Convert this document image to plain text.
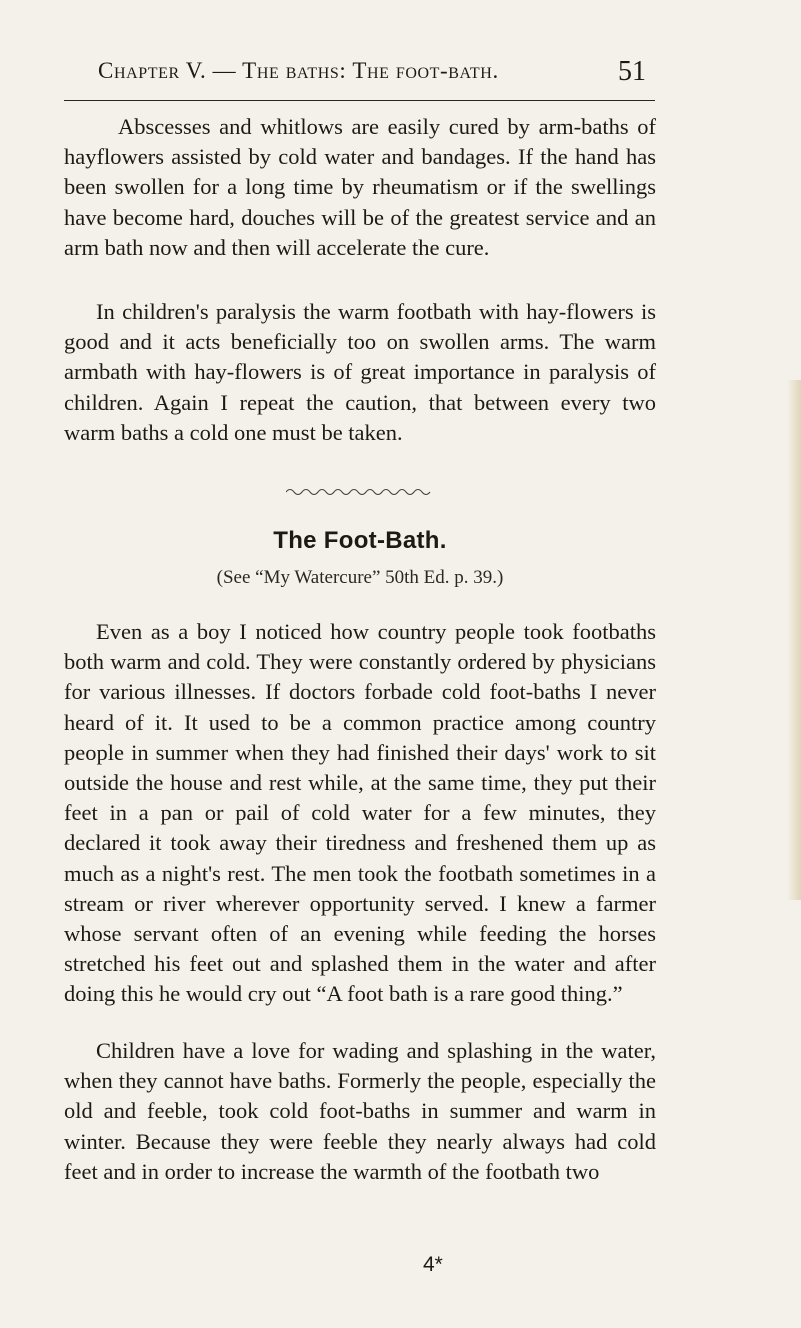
Chapter V. — The baths: The foot-bath.	51

Abscesses and whitlows are easily cured by arm-baths of hayflowers assisted by cold water and bandages. If the hand has been swollen for a long time by rheumatism or if the swellings have become hard, douches will be of the greatest service and an arm bath now and then will accelerate the cure.

In children's paralysis the warm footbath with hay-flowers is good and it acts beneficially too on swollen arms. The warm armbath with hay-flowers is of great importance in paralysis of children. Again I repeat the caution, that between every two warm baths a cold one must be taken.

The Foot-Bath.
(See “My Watercure” 50th Ed. p. 39.)

Even as a boy I noticed how country people took footbaths both warm and cold. They were constantly ordered by physicians for various illnesses. If doctors forbade cold foot-baths I never heard of it. It used to be a common practice among country people in summer when they had finished their days' work to sit outside the house and rest while, at the same time, they put their feet in a pan or pail of cold water for a few minutes, they declared it took away their tiredness and freshened them up as much as a night's rest. The men took the footbath sometimes in a stream or river wherever opportunity served. I knew a farmer whose servant often of an evening while feeding the horses stretched his feet out and splashed them in the water and after doing this he would cry out “A foot bath is a rare good thing.”

Children have a love for wading and splashing in the water, when they cannot have baths. Formerly the people, especially the old and feeble, took cold foot-baths in summer and warm in winter. Because they were feeble they nearly always had cold feet and in order to increase the warmth of the footbath two

4*
